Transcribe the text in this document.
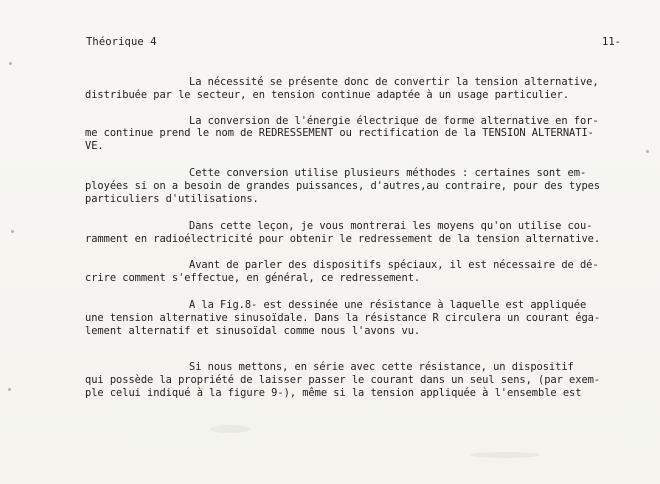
Théorique 4	11-
La nécessité se présente donc de convertir la tension alternative,
distribuée par le secteur, en tension continue adaptée à un usage particulier.
La conversion de l'énergie électrique de forme alternative en for-
me continue prend le nom de REDRESSEMENT ou rectification de la TENSION ALTERNATI-
VE.
Cette conversion utilise plusieurs méthodes : certaines sont em-
ployées si on a besoin de grandes puissances, d'autres,au contraire, pour des types
particuliers d'utilisations.
Dans cette leçon, je vous montrerai les moyens qu'on utilise cou-
ramment en radioélectricité pour obtenir le redressement de la tension alternative.
Avant de parler des dispositifs spéciaux, il est nécessaire de dé-
crire comment s'effectue, en général, ce redressement.
A la Fig.8- est dessinée une résistance à laquelle est appliquée
une tension alternative sinusoïdale. Dans la résistance R circulera un courant éga-
lement alternatif et sinusoïdal comme nous l'avons vu.
Si nous mettons, en série avec cette résistance, un dispositif
qui possède la propriété de laisser passer le courant dans un seul sens, (par exem-
ple celui indiqué à la figure 9-), même si la tension appliquée à l'ensemble est
